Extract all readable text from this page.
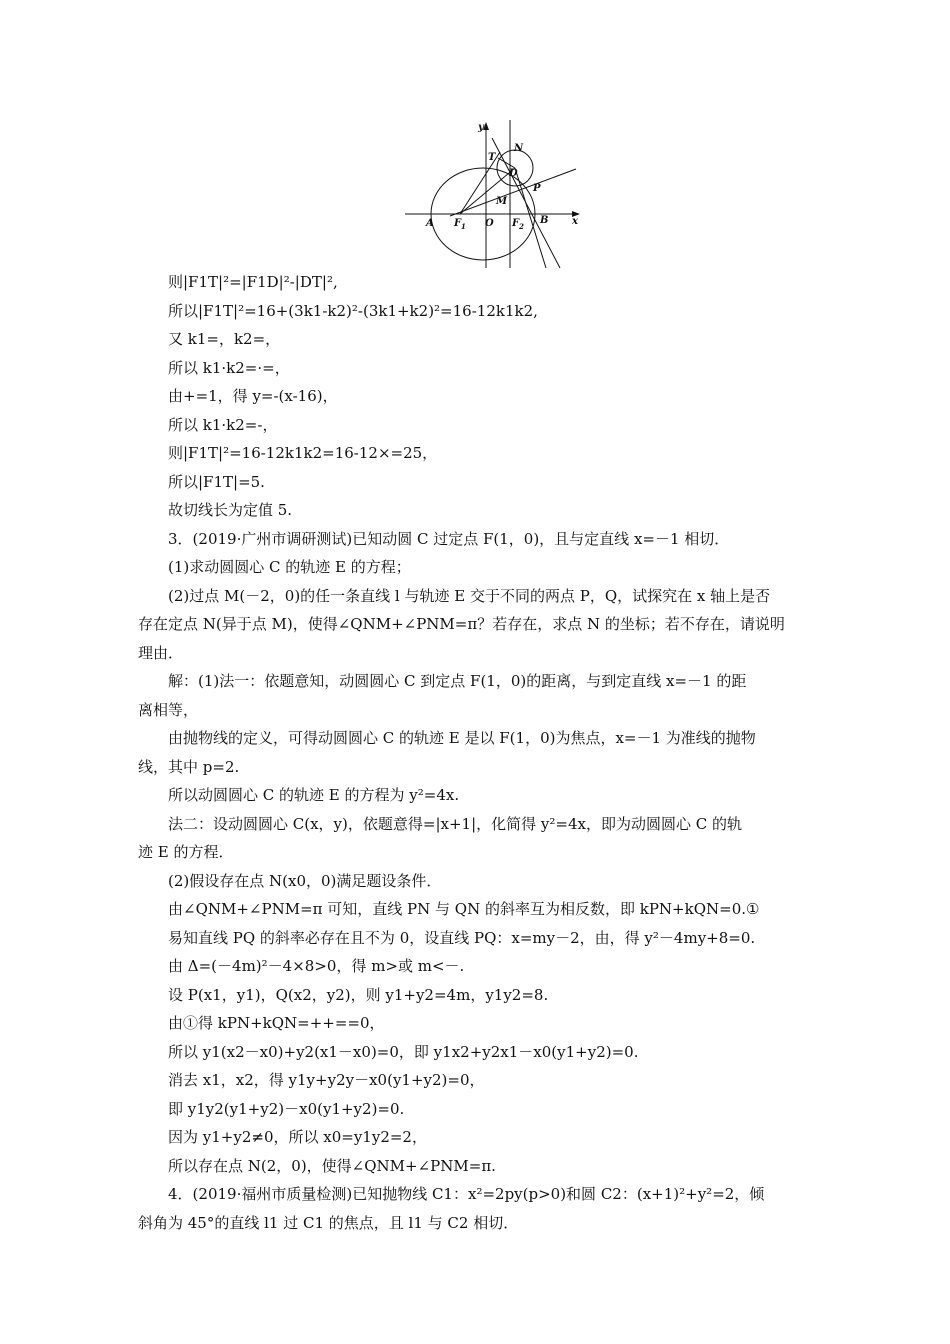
y
x
T
N
D
P
M
A F 1 O F 2
B
则|F1T|²=|F1D|²-|DT|²,
所以|F1T|²=16+(3k1-k2)²-(3k1+k2)²=16-12k1k2,
又 k1=，k2=，
所以 k1·k2=·=，
由+=1，得 y=-(x-16)，
所以 k1·k2=-，
则|F1T|²=16-12k1k2=16-12×=25，
所以|F1T|=5.
故切线长为定值 5.
3．(2019·广州市调研测试)已知动圆 C 过定点 F(1，0)，且与定直线 x=－1 相切．
(1)求动圆圆心 C 的轨迹 E 的方程；
(2)过点 M(－2，0)的任一条直线 l 与轨迹 E 交于不同的两点 P，Q，试探究在 x 轴上是否
存在定点 N(异于点 M)，使得∠QNM+∠PNM=π？若存在，求点 N 的坐标；若不存在，请说明
理由．
解：(1)法一：依题意知，动圆圆心 C 到定点 F(1，0)的距离，与到定直线 x=－1 的距
离相等，
由抛物线的定义，可得动圆圆心 C 的轨迹 E 是以 F(1，0)为焦点，x=－1 为准线的抛物
线，其中 p=2.
所以动圆圆心 C 的轨迹 E 的方程为 y²=4x.
法二：设动圆圆心 C(x，y)，依题意得=|x+1|，化简得 y²=4x，即为动圆圆心 C 的轨
迹 E 的方程．
(2)假设存在点 N(x0，0)满足题设条件．
由∠QNM+∠PNM=π 可知，直线 PN 与 QN 的斜率互为相反数，即 kPN+kQN=0.①
易知直线 PQ 的斜率必存在且不为 0，设直线 PQ：x=my－2，由，得 y²－4my+8=0.
由 Δ=(－4m)²－4×8>0，得 m>或 m<－.
设 P(x1，y1)，Q(x2，y2)，则 y1+y2=4m，y1y2=8.
由①得 kPN+kQN=++==0，
所以 y1(x2－x0)+y2(x1－x0)=0，即 y1x2+y2x1－x0(y1+y2)=0.
消去 x1，x2，得 y1y+y2y－x0(y1+y2)=0，
即 y1y2(y1+y2)－x0(y1+y2)=0.
因为 y1+y2≠0，所以 x0=y1y2=2，
所以存在点 N(2，0)，使得∠QNM+∠PNM=π.
4．(2019·福州市质量检测)已知抛物线 C1：x²=2py(p>0)和圆 C2：(x+1)²+y²=2，倾
斜角为 45°的直线 l1 过 C1 的焦点，且 l1 与 C2 相切．
